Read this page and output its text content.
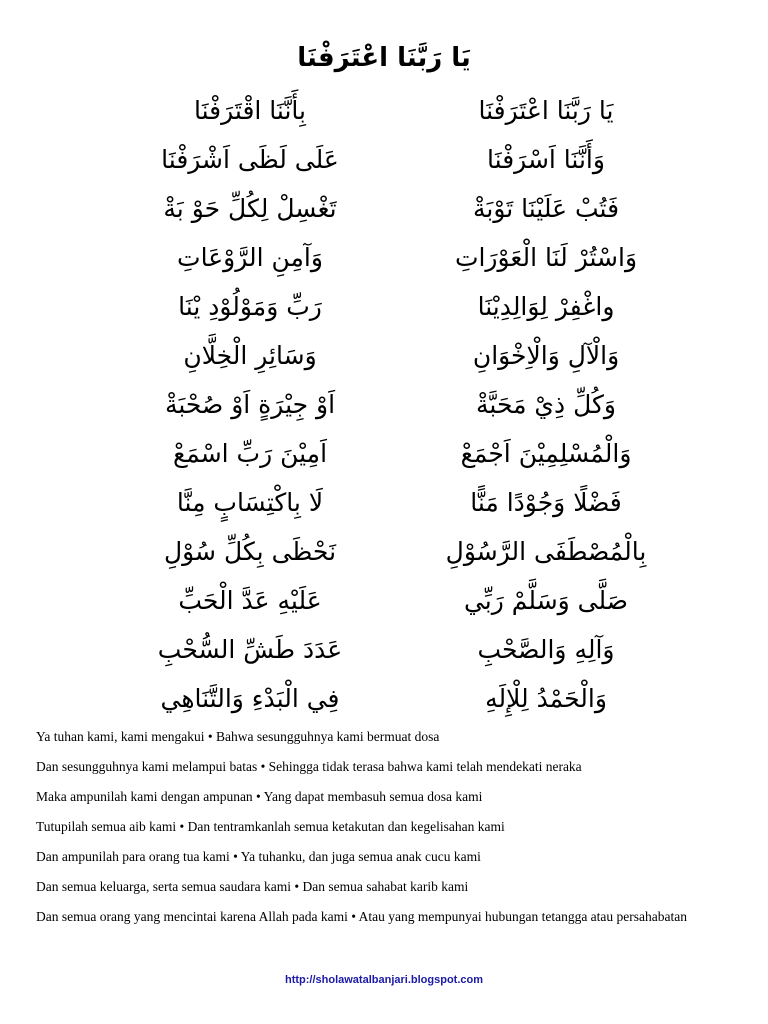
يَا رَبَّنَا اعْتَرَفْنَا
يَا رَبَّنَا اعْتَرَفْنَا
بِأَنَّنَا اقْتَرَفْنَا
وَأَنَّنَا اَسْرَفْنَا
عَلَى لَظَى اَشْرَفْنَا
فَتُبْ عَلَيْنَا تَوْبَةْ
تَغْسِلْ لِكُلِّ حَوْ بَةْ
وَاسْتُرْ لَنَا الْعَوْرَاتِ
وَآمِنِ الرَّوْعَاتِ
واغْفِرْ لِوَالِدِيْنَا
رَبِّ وَمَوْلُوْدِ يْنَا
وَالْآلِ وَالْاِخْوَانِ
وَسَائِرِ الْخِلَّانِ
وَكُلِّ ذِيْ مَحَبَّةْ
اَوْ جِيْرَةٍ اَوْ صُحْبَةْ
وَالْمُسْلِمِيْنَ اَجْمَعْ
اَمِيْنَ رَبِّ اسْمَعْ
فَضْلًا وَجُوْدًا مَنًّا
لَا بِاكْتِسَابٍ مِنَّا
بِالْمُصْطَفَى الرَّسُوْلِ
نَحْظَى بِكُلِّ سُوْلِ
صَلَّى وَسَلَّمْ رَبِّي
عَلَيْهِ عَدَّ الْحَبِّ
وَآلِهِ وَالصَّحْبِ
عَدَدَ طَشِّ السُّحْبِ
وَالْحَمْدُ لِلْإِلَهِ
فِي الْبَدْءِ وَالتَّنَاهِي

Ya tuhan kami, kami mengakui • Bahwa sesungguhnya kami bermuat dosa

Dan sesungguhnya kami melampui batas • Sehingga tidak terasa bahwa kami telah mendekati neraka

Maka ampunilah kami dengan ampunan • Yang dapat membasuh semua dosa kami

Tutupilah semua aib kami • Dan tentramkanlah semua ketakutan dan kegelisahan kami

Dan ampunilah para orang tua kami • Ya tuhanku, dan juga semua anak cucu kami

Dan semua keluarga, serta semua saudara kami • Dan semua sahabat karib kami

Dan semua orang yang mencintai karena Allah pada kami • Atau yang mempunyai hubungan tetangga atau persahabatan

http://sholawatalbanjari.blogspot.com
